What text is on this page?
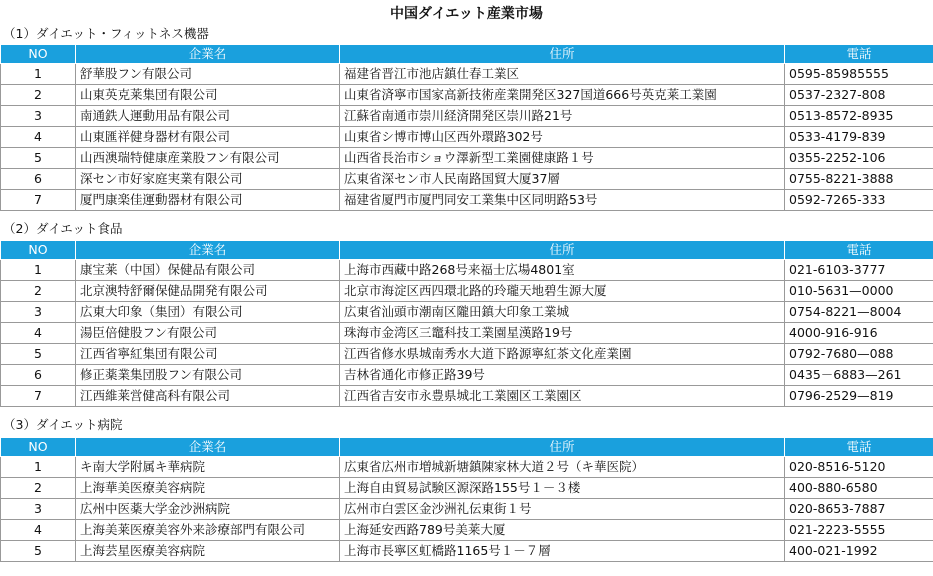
中国ダイエット産業市場
（1）ダイエット・フィットネス機器
NO	企業名	住所	電話
1	舒華股フン有限公司	福建省晋江市池店鎮仕春工業区	0595-85985555
2	山東英克莱集団有限公司	山東省済寧市国家高新技術産業開発区327国道666号英克莱工業園	0537-2327-808
3	南通鉄人運動用品有限公司	江蘇省南通市崇川経済開発区崇川路21号	0513-8572-8935
4	山東匯祥健身器材有限公司	山東省シ博市博山区西外環路302号	0533-4179-839
5	山西澳瑞特健康産業股フン有限公司	山西省長治市ショウ澤新型工業園健康路１号	0355-2252-106
6	深セン市好家庭実業有限公司	広東省深セン市人民南路国貿大厦37層	0755-8221-3888
7	厦門康楽佳運動器材有限公司	福建省厦門市厦門同安工業集中区同明路53号	0592-7265-333
（2）ダイエット食品
NO	企業名	住所	電話
1	康宝莱（中国）保健品有限公司	上海市西藏中路268号来福士広場4801室	021-6103-3777
2	北京澳特舒爾保健品開発有限公司	北京市海淀区西四環北路的玲瓏天地碧生源大厦	010-5631—0000
3	広東大印象（集団）有限公司	広東省汕頭市潮南区隴田鎮大印象工業城	0754-8221—8004
4	湯臣倍健股フン有限公司	珠海市金湾区三竈科技工業園星漢路19号	4000-916-916
5	江西省寧紅集団有限公司	江西省修水県城南秀水大道下路源寧紅茶文化産業園	0792-7680—088
6	修正薬業集団股フン有限公司	吉林省通化市修正路39号	0435－6883—261
7	江西維莱営健高科有限公司	江西省吉安市永豊県城北工業園区工業園区	0796-2529—819
（3）ダイエット病院
NO	企業名	住所	電話
1	キ南大学附属キ華病院	広東省広州市増城新塘鎮陳家林大道２号（キ華医院）	020-8516-5120
2	上海華美医療美容病院	上海自由貿易試験区源深路155号１－３楼	400-880-6580
3	広州中医薬大学金沙洲病院	広州市白雲区金沙洲礼伝東街１号	020-8653-7887
4	上海美莱医療美容外来診療部門有限公司	上海延安西路789号美莱大厦	021-2223-5555
5	上海芸星医療美容病院	上海市長寧区虹橋路1165号１－７層	400-021-1992
